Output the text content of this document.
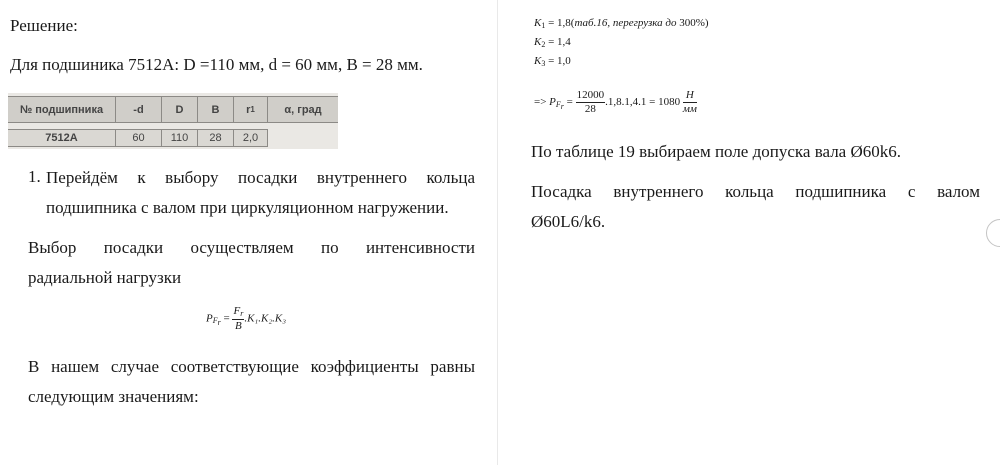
Решение:
Для подшиника 7512А: D =110 мм, d = 60 мм, B = 28 мм.
№ подшипника	-d	D	B	r 1	α, град
7512А	60	110	28	2,0
1. Перейдём к выбору посадки внутреннего кольца
подшипника с валом при циркуляционном нагружении.
Выбор посадки осуществляем по интенсивности
радиальной нагрузки
$P_{F_r} = \frac{F_r}{B} .K_1.K_2.K_3$
В нашем случае соответствующие коэффициенты равны
следующим значениям:
$K_1 = 1,8(таб.16$, перегрузка до 300%)
$K_2 = 1,4$
$K_3 = 1,0$
=> $P_{F_r} = \frac{12000}{28} .1,8.1,4.1 = 1080 \frac{Н}{мм}$
По таблице 19 выбираем поле допуска вала Ø60k6.
Посадка внутреннего кольца подшипника с валом
Ø60L6/k6.
